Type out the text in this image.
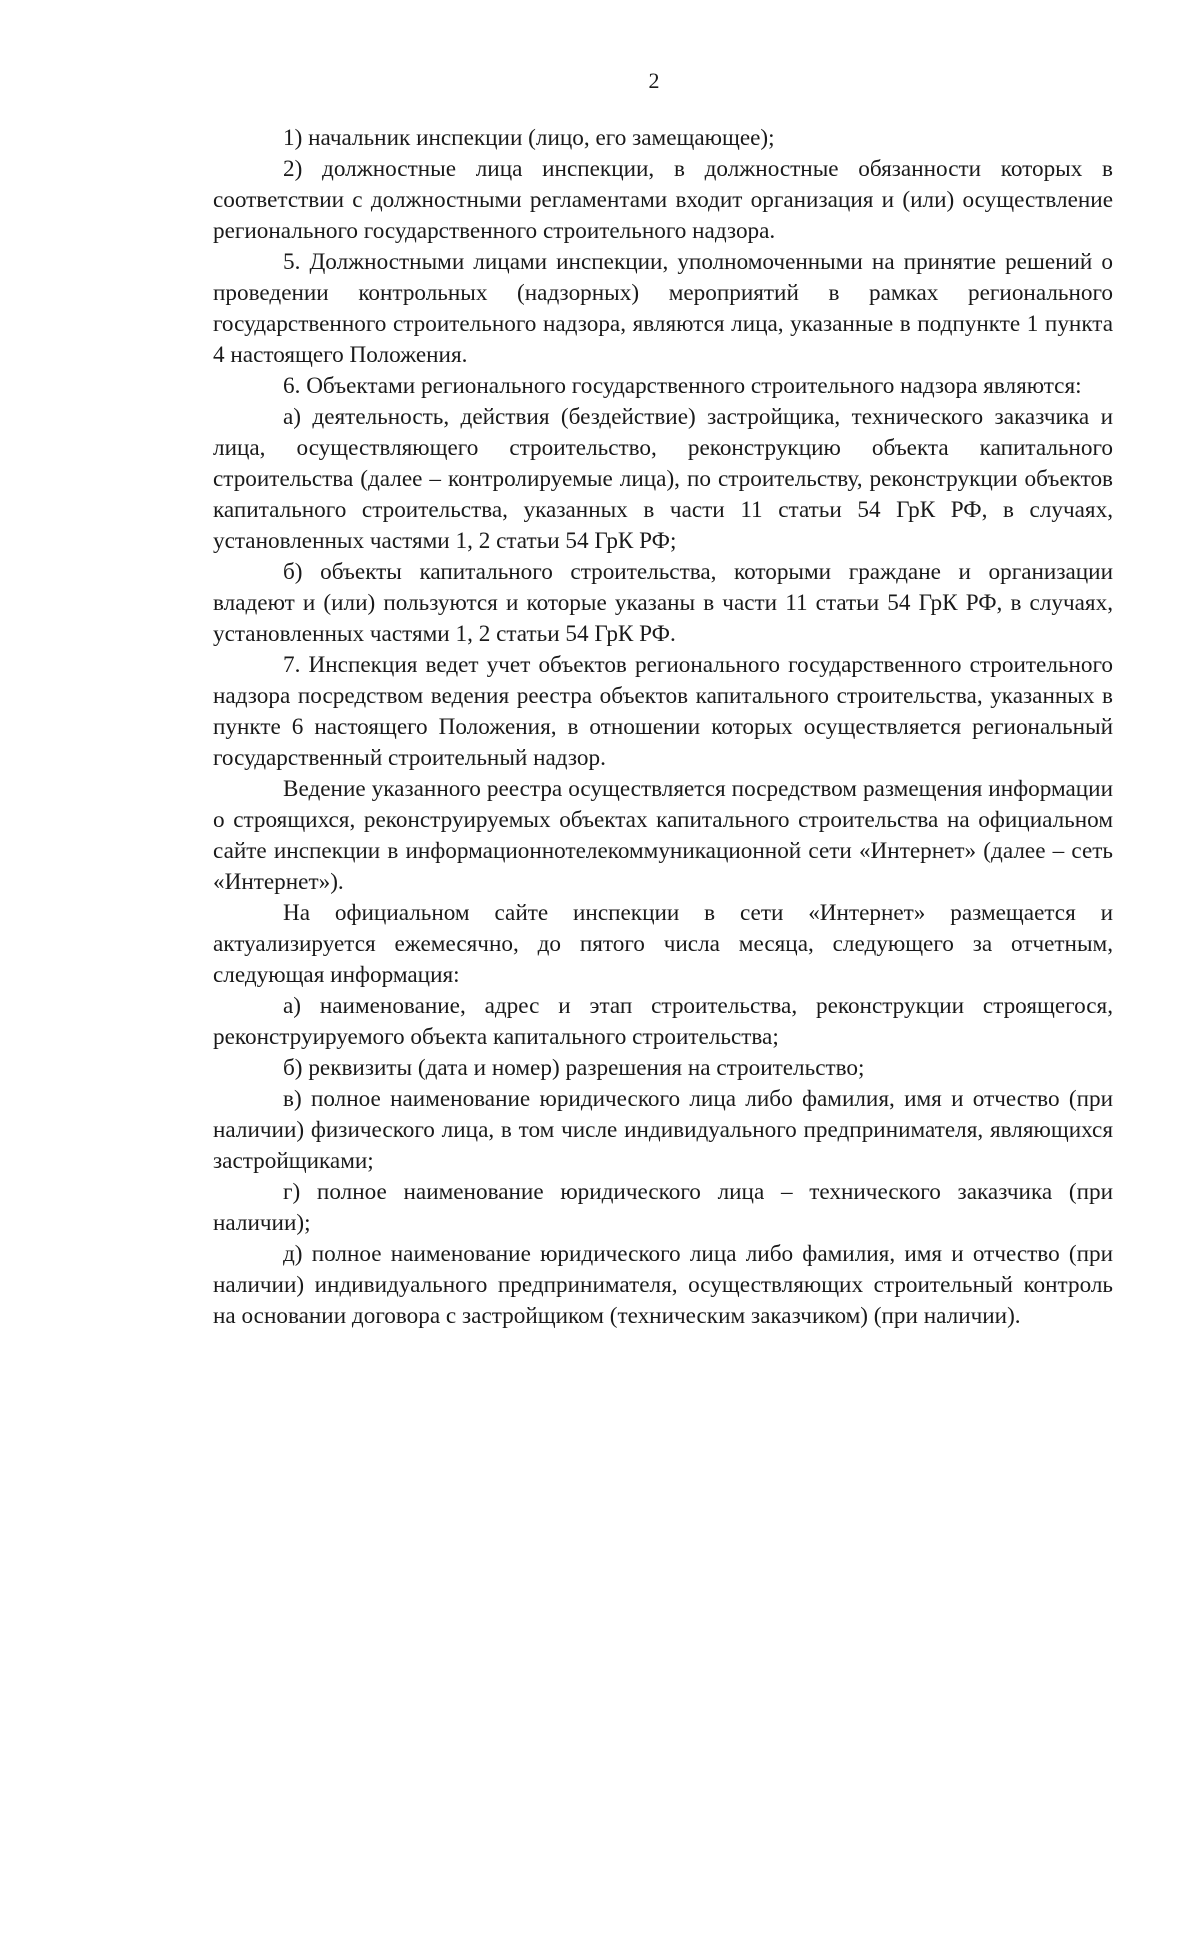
2

1) начальник инспекции (лицо, его замещающее);

2) должностные лица инспекции, в должностные обязанности которых в соответствии с должностными регламентами входит организация и (или) осуществление регионального государственного строительного надзора.

5. Должностными лицами инспекции, уполномоченными на принятие решений о проведении контрольных (надзорных) мероприятий в рамках регионального государственного строительного надзора, являются лица, указанные в подпункте 1 пункта 4 настоящего Положения.

6. Объектами регионального государственного строительного надзора являются:

а) деятельность, действия (бездействие) застройщика, технического заказчика и лица, осуществляющего строительство, реконструкцию объекта капитального строительства (далее – контролируемые лица), по строительству, реконструкции объектов капитального строительства, указанных в части 11 статьи 54 ГрК РФ, в случаях, установленных частями 1, 2 статьи 54 ГрК РФ;

б) объекты капитального строительства, которыми граждане и организации владеют и (или) пользуются и которые указаны в части 11 статьи 54 ГрК РФ, в случаях, установленных частями 1, 2 статьи 54 ГрК РФ.

7. Инспекция ведет учет объектов регионального государственного строительного надзора посредством ведения реестра объектов капитального строительства, указанных в пункте 6 настоящего Положения, в отношении которых осуществляется региональный государственный строительный надзор.

Ведение указанного реестра осуществляется посредством размещения информации о строящихся, реконструируемых объектах капитального строительства на официальном сайте инспекции в информационнотелекоммуникационной сети «Интернет» (далее – сеть «Интернет»).

На официальном сайте инспекции в сети «Интернет» размещается и актуализируется ежемесячно, до пятого числа месяца, следующего за отчетным, следующая информация:

а) наименование, адрес и этап строительства, реконструкции строящегося, реконструируемого объекта капитального строительства;

б) реквизиты (дата и номер) разрешения на строительство;

в) полное наименование юридического лица либо фамилия, имя и отчество (при наличии) физического лица, в том числе индивидуального предпринимателя, являющихся застройщиками;

г) полное наименование юридического лица – технического заказчика (при наличии);

д) полное наименование юридического лица либо фамилия, имя и отчество (при наличии) индивидуального предпринимателя, осуществляющих строительный контроль на основании договора с застройщиком (техническим заказчиком) (при наличии).
